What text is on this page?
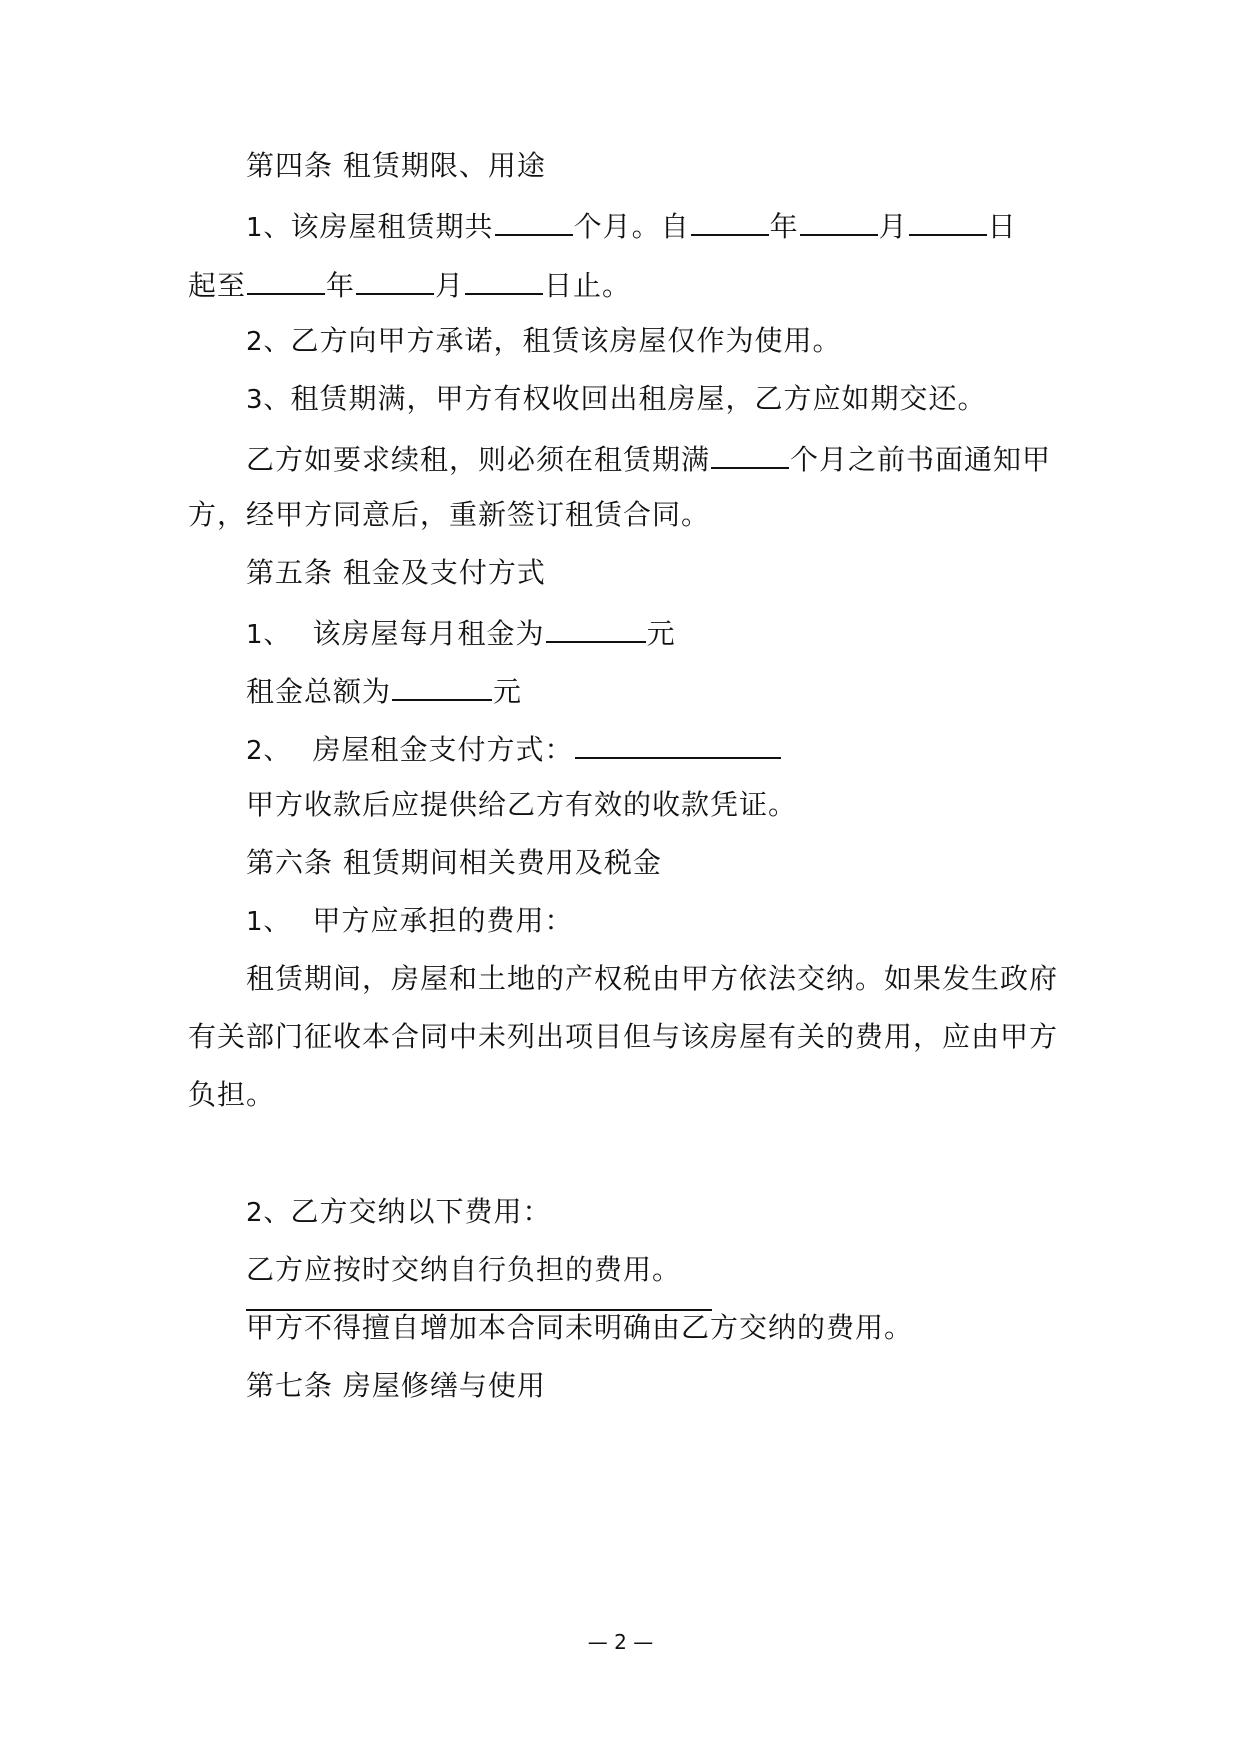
第四条 租赁期限、用途
1、该房屋租赁期共	个月。自	年	月	日
起至	年	月	日止。
2、乙方向甲方承诺，租赁该房屋仅作为使用。
3、租赁期满，甲方有权收回出租房屋，乙方应如期交还。
乙方如要求续租，则必须在租赁期满	个月之前书面通知甲
方，经甲方同意后，重新签订租赁合同。
第五条 租金及支付方式
1、 该房屋每月租金为	元
租金总额为	元
2、 房屋租金支付方式：
甲方收款后应提供给乙方有效的收款凭证。
第六条 租赁期间相关费用及税金
1、 甲方应承担的费用：
租赁期间，房屋和土地的产权税由甲方依法交纳。如果发生政府
有关部门征收本合同中未列出项目但与该房屋有关的费用，应由甲方
负担。
2、乙方交纳以下费用：
乙方应按时交纳自行负担的费用。
甲方不得擅自增加本合同未明确由乙方交纳的费用。
第七条 房屋修缮与使用
— 2 —
